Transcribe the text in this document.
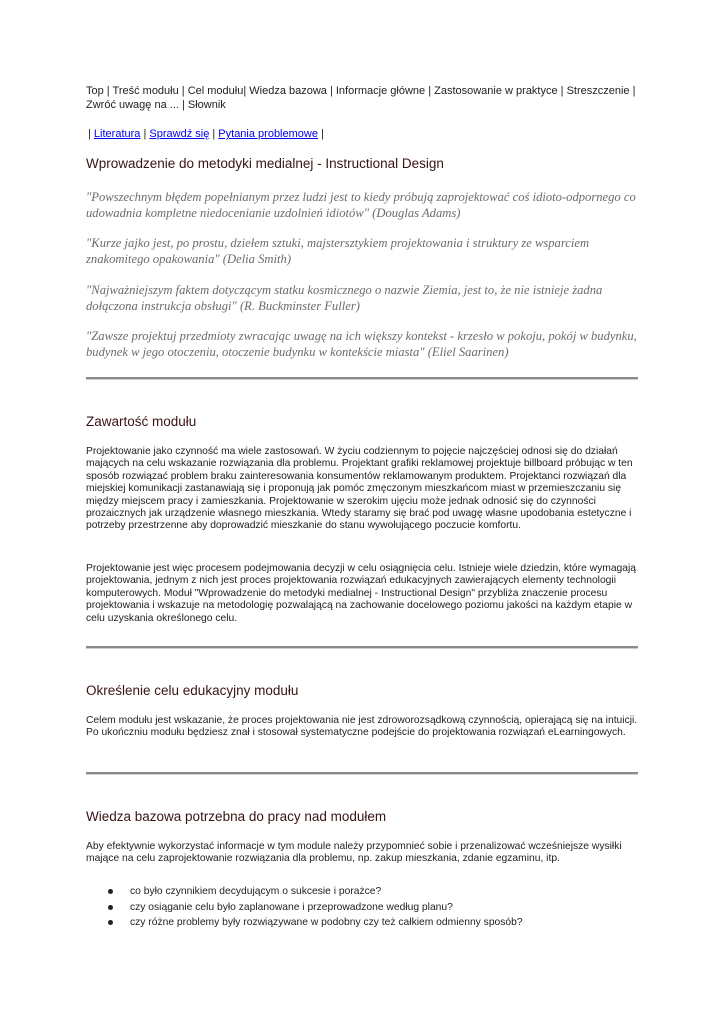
Top | Treść modułu | Cel modułu| Wiedza bazowa | Informacje główne | Zastosowanie w praktyce | Streszczenie | Zwróć uwagę na ... | Słownik
| Literatura | Sprawdź się | Pytania problemowe |
Wprowadzenie do metodyki medialnej - Instructional Design
"Powszechnym błędem popełnianym przez ludzi jest to kiedy próbują zaprojektować coś idioto-odpornego co udowadnia kompletne niedocenianie uzdolnień idiotów" (Douglas Adams)
"Kurze jajko jest, po prostu, dziełem sztuki, majstersztykiem projektowania i struktury ze wsparciem znakomitego opakowania" (Delia Smith)
"Najważniejszym faktem dotyczącym statku kosmicznego o nazwie Ziemia, jest to, że nie istnieje żadna dołączona instrukcja obsługi" (R. Buckminster Fuller)
"Zawsze projektuj przedmioty zwracając uwagę na ich większy kontekst - krzesło w pokoju, pokój w budynku, budynek w jego otoczeniu, otoczenie budynku w kontekście miasta" (Eliel Saarinen)
Zawartość modułu
Projektowanie jako czynność ma wiele zastosowań. W życiu codziennym to pojęcie najczęściej odnosi się do działań mających na celu wskazanie rozwiązania dla problemu. Projektant grafiki reklamowej projektuje billboard próbując w ten sposób rozwiązać problem braku zainteresowania konsumentów reklamowanym produktem. Projektanci rozwiązań dla miejskiej komunikacji zastanawiają się i proponują jak pomóc zmęczonym mieszkańcom miast w przemieszczaniu się między miejscem pracy i zamieszkania. Projektowanie w szerokim ujęciu może jednak odnosić się do czynności prozaicznych jak urządzenie własnego mieszkania. Wtedy staramy się brać pod uwagę własne upodobania estetyczne i potrzeby przestrzenne aby doprowadzić mieszkanie do stanu wywołującego poczucie komfortu.
Projektowanie jest więc procesem podejmowania decyzji w celu osiągnięcia celu. Istnieje wiele dziedzin, które wymagają projektowania, jednym z nich jest proces projektowania rozwiązań edukacyjnych zawierających elementy technologii komputerowych. Moduł "Wprowadzenie do metodyki medialnej - Instructional Design" przybliża znaczenie procesu projektowania i wskazuje na metodologię pozwalającą na zachowanie docelowego poziomu jakości na każdym etapie w celu uzyskania określonego celu.
Określenie celu edukacyjny modułu
Celem modułu jest wskazanie, że proces projektowania nie jest zdroworozsądkową czynnością, opierającą się na intuicji. Po ukończniu modułu będziesz znał i stosował systematyczne podejście do projektowania rozwiązań eLearningowych.
Wiedza bazowa potrzebna do pracy nad modułem
Aby efektywnie wykorzystać informacje w tym module należy przypomnieć sobie i przenalizować wcześniejsze wysiłki mające na celu zaprojektowanie rozwiązania dla problemu, np. zakup mieszkania, zdanie egzaminu, itp.
co było czynnikiem decydującym o sukcesie i porażce?
czy osiąganie celu było zaplanowane i przeprowadzone według planu?
czy różne problemy były rozwiązywane w podobny czy też całkiem odmienny sposób?
